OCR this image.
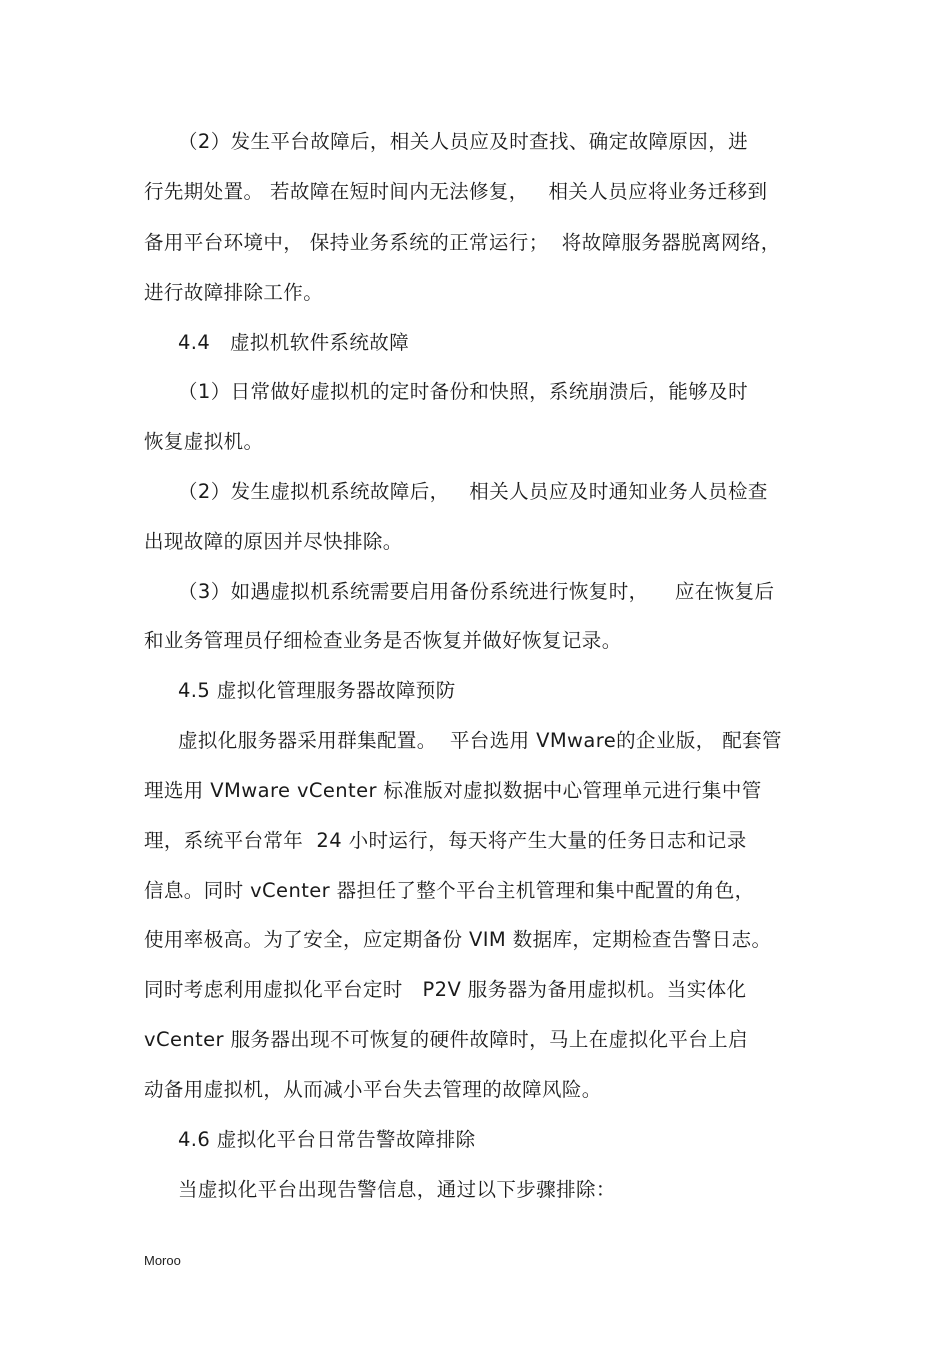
（2）发生平台故障后，相关人员应及时查找、确定故障原因，进
行先期处置。 若故障在短时间内无法修复，   相关人员应将业务迁移到
备用平台环境中， 保持业务系统的正常运行；  将故障服务器脱离网络，
进行故障排除工作。
4.4   虚拟机软件系统故障
（1）日常做好虚拟机的定时备份和快照，系统崩溃后，能够及时
恢复虚拟机。
（2）发生虚拟机系统故障后，   相关人员应及时通知业务人员检查
出现故障的原因并尽快排除。
（3）如遇虚拟机系统需要启用备份系统进行恢复时，    应在恢复后
和业务管理员仔细检查业务是否恢复并做好恢复记录。
4.5 虚拟化管理服务器故障预防
虚拟化服务器采用群集配置。  平台选用 VMware的企业版， 配套管
理选用 VMware vCenter 标准版对虚拟数据中心管理单元进行集中管
理，系统平台常年  24 小时运行，每天将产生大量的任务日志和记录
信息。同时 vCenter 器担任了整个平台主机管理和集中配置的角色，
使用率极高。为了安全，应定期备份 VIM 数据库，定期检查告警日志。
同时考虑利用虚拟化平台定时   P2V 服务器为备用虚拟机。当实体化
vCenter 服务器出现不可恢复的硬件故障时，马上在虚拟化平台上启
动备用虚拟机，从而减小平台失去管理的故障风险。
4.6 虚拟化平台日常告警故障排除
当虚拟化平台出现告警信息，通过以下步骤排除：
Moroo
